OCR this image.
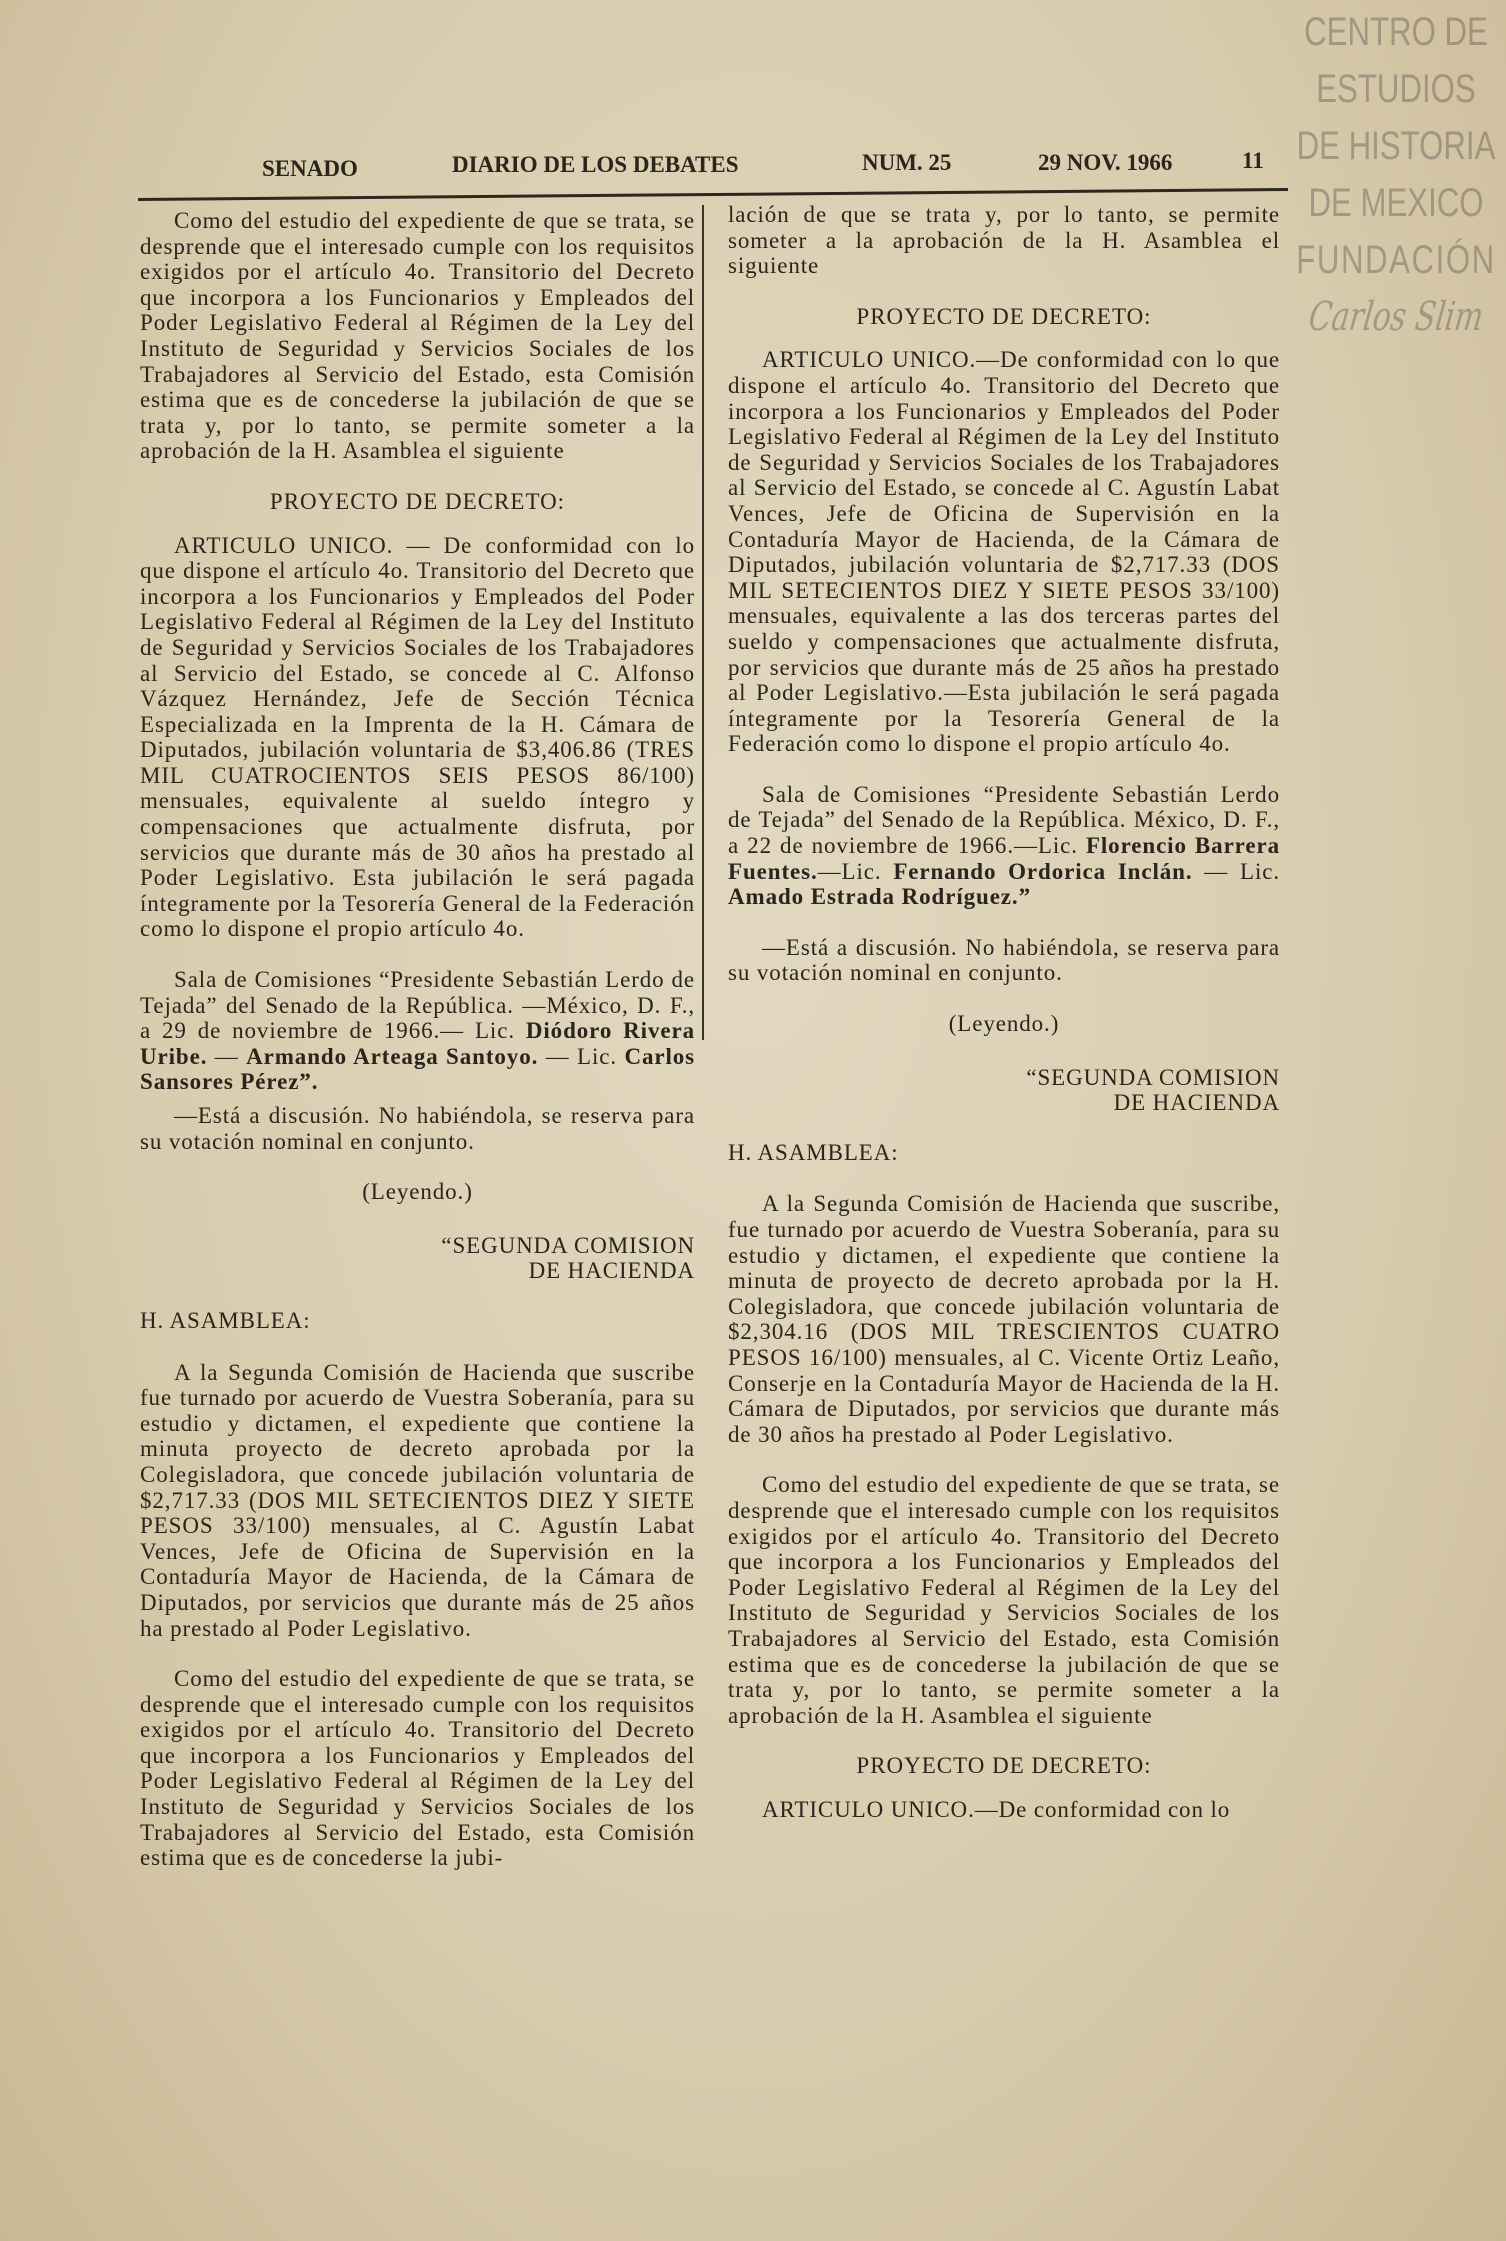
CENTRO DE
ESTUDIOS
DE HISTORIA
DE MEXICO
FUNDACIÓN
Carlos Slim
SENADO	DIARIO DE LOS DEBATES	NUM. 25	29 NOV. 1966	11
Como del estudio del expediente de que se trata, se desprende que el interesado cumple con los requisitos exigidos por el artículo 4o. Transitorio del Decreto que incorpora a los Funcionarios y Empleados del Poder Legislativo Federal al Régimen de la Ley del Instituto de Seguridad y Servicios Sociales de los Trabajadores al Servicio del Estado, esta Comisión estima que es de concederse la jubilación de que se trata y, por lo tanto, se permite someter a la aprobación de la H. Asamblea el siguiente
PROYECTO DE DECRETO:
ARTICULO UNICO. — De conformidad con lo que dispone el artículo 4o. Transitorio del Decreto que incorpora a los Funcionarios y Empleados del Poder Legislativo Federal al Régimen de la Ley del Instituto de Seguridad y Servicios Sociales de los Trabajadores al Servicio del Estado, se concede al C. Alfonso Vázquez Hernández, Jefe de Sección Técnica Especializada en la Imprenta de la H. Cámara de Diputados, jubilación voluntaria de $3,406.86 (TRES MIL CUATROCIENTOS SEIS PESOS 86/100) mensuales, equivalente al sueldo íntegro y compensaciones que actualmente disfruta, por servicios que durante más de 30 años ha prestado al Poder Legislativo. Esta jubilación le será pagada íntegramente por la Tesorería General de la Federación como lo dispone el propio artículo 4o.
Sala de Comisiones “Presidente Sebastián Lerdo de Tejada” del Senado de la República. —México, D. F., a 29 de noviembre de 1966.— Lic. Diódoro Rivera Uribe. — Armando Arteaga Santoyo. — Lic. Carlos Sansores Pérez”.
—Está a discusión. No habiéndola, se reserva para su votación nominal en conjunto.
(Leyendo.)
“SEGUNDA COMISION
DE HACIENDA
H. ASAMBLEA:
A la Segunda Comisión de Hacienda que suscribe fue turnado por acuerdo de Vuestra Soberanía, para su estudio y dictamen, el expediente que contiene la minuta proyecto de decreto aprobada por la Colegisladora, que concede jubilación voluntaria de $2,717.33 (DOS MIL SETECIENTOS DIEZ Y SIETE PESOS 33/100) mensuales, al C. Agustín Labat Vences, Jefe de Oficina de Supervisión en la Contaduría Mayor de Hacienda, de la Cámara de Diputados, por servicios que durante más de 25 años ha prestado al Poder Legislativo.
Como del estudio del expediente de que se trata, se desprende que el interesado cumple con los requisitos exigidos por el artículo 4o. Transitorio del Decreto que incorpora a los Funcionarios y Empleados del Poder Legislativo Federal al Régimen de la Ley del Instituto de Seguridad y Servicios Sociales de los Trabajadores al Servicio del Estado, esta Comisión estima que es de concederse la jubi-
lación de que se trata y, por lo tanto, se permite someter a la aprobación de la H. Asamblea el siguiente
PROYECTO DE DECRETO:
ARTICULO UNICO.—De conformidad con lo que dispone el artículo 4o. Transitorio del Decreto que incorpora a los Funcionarios y Empleados del Poder Legislativo Federal al Régimen de la Ley del Instituto de Seguridad y Servicios Sociales de los Trabajadores al Servicio del Estado, se concede al C. Agustín Labat Vences, Jefe de Oficina de Supervisión en la Contaduría Mayor de Hacienda, de la Cámara de Diputados, jubilación voluntaria de $2,717.33 (DOS MIL SETECIENTOS DIEZ Y SIETE PESOS 33/100) mensuales, equivalente a las dos terceras partes del sueldo y compensaciones que actualmente disfruta, por servicios que durante más de 25 años ha prestado al Poder Legislativo.—Esta jubilación le será pagada íntegramente por la Tesorería General de la Federación como lo dispone el propio artículo 4o.
Sala de Comisiones “Presidente Sebastián Lerdo de Tejada” del Senado de la República. México, D. F., a 22 de noviembre de 1966.—Lic. Florencio Barrera Fuentes.—Lic. Fernando Ordorica Inclán. — Lic. Amado Estrada Rodríguez.”
—Está a discusión. No habiéndola, se reserva para su votación nominal en conjunto.
(Leyendo.)
“SEGUNDA COMISION
DE HACIENDA
H. ASAMBLEA:
A la Segunda Comisión de Hacienda que suscribe, fue turnado por acuerdo de Vuestra Soberanía, para su estudio y dictamen, el expediente que contiene la minuta de proyecto de decreto aprobada por la H. Colegisladora, que concede jubilación voluntaria de $2,304.16 (DOS MIL TRESCIENTOS CUATRO PESOS 16/100) mensuales, al C. Vicente Ortiz Leaño, Conserje en la Contaduría Mayor de Hacienda de la H. Cámara de Diputados, por servicios que durante más de 30 años ha prestado al Poder Legislativo.
Como del estudio del expediente de que se trata, se desprende que el interesado cumple con los requisitos exigidos por el artículo 4o. Transitorio del Decreto que incorpora a los Funcionarios y Empleados del Poder Legislativo Federal al Régimen de la Ley del Instituto de Seguridad y Servicios Sociales de los Trabajadores al Servicio del Estado, esta Comisión estima que es de concederse la jubilación de que se trata y, por lo tanto, se permite someter a la aprobación de la H. Asamblea el siguiente
PROYECTO DE DECRETO:
ARTICULO UNICO.—De conformidad con lo
